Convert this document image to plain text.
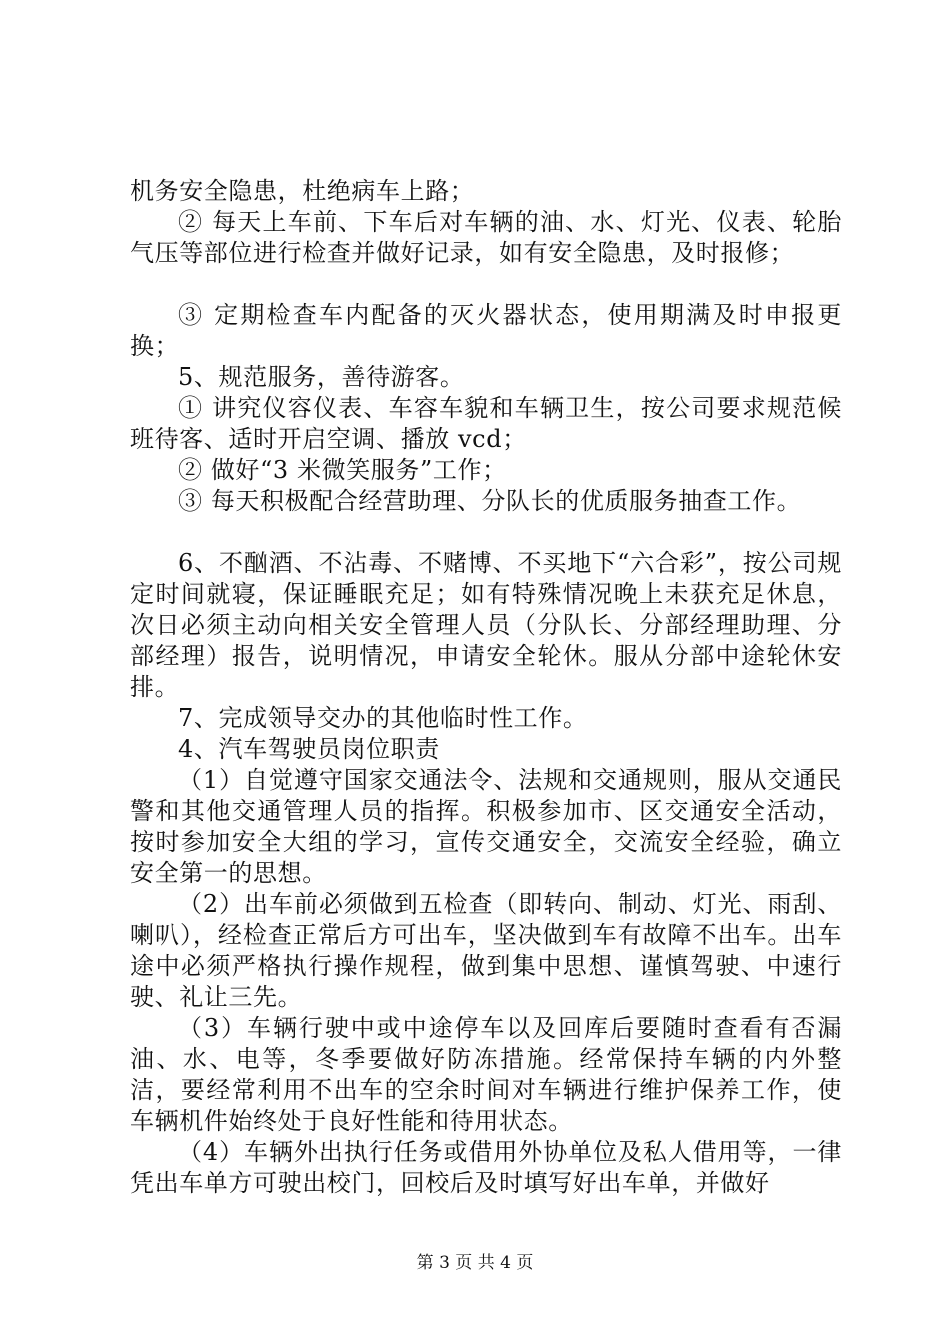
机务安全隐患，杜绝病车上路；

② 每天上车前、下车后对车辆的油、水、灯光、仪表、轮胎气压等部位进行检查并做好记录，如有安全隐患，及时报修；

③ 定期检查车内配备的灭火器状态，使用期满及时申报更换；

5、规范服务，善待游客。

① 讲究仪容仪表、车容车貌和车辆卫生，按公司要求规范候班待客、适时开启空调、播放 vcd；

② 做好“3 米微笑服务”工作；

③ 每天积极配合经营助理、分队长的优质服务抽查工作。

6、不酗酒、不沾毒、不赌博、不买地下“六合彩”，按公司规定时间就寝，保证睡眠充足；如有特殊情况晚上未获充足休息，次日必须主动向相关安全管理人员（分队长、分部经理助理、分部经理）报告，说明情况，申请安全轮休。服从分部中途轮休安排。

7、完成领导交办的其他临时性工作。

4、汽车驾驶员岗位职责

（1）自觉遵守国家交通法令、法规和交通规则，服从交通民警和其他交通管理人员的指挥。积极参加市、区交通安全活动，按时参加安全大组的学习，宣传交通安全，交流安全经验，确立安全第一的思想。

（2）出车前必须做到五检查（即转向、制动、灯光、雨刮、喇叭），经检查正常后方可出车，坚决做到车有故障不出车。出车途中必须严格执行操作规程，做到集中思想、谨慎驾驶、中速行驶、礼让三先。

（3）车辆行驶中或中途停车以及回库后要随时查看有否漏油、水、电等，冬季要做好防冻措施。经常保持车辆的内外整洁，要经常利用不出车的空余时间对车辆进行维护保养工作，使车辆机件始终处于良好性能和待用状态。

（4）车辆外出执行任务或借用外协单位及私人借用等，一律凭出车单方可驶出校门，回校后及时填写好出车单，并做好

第 3 页 共 4 页
